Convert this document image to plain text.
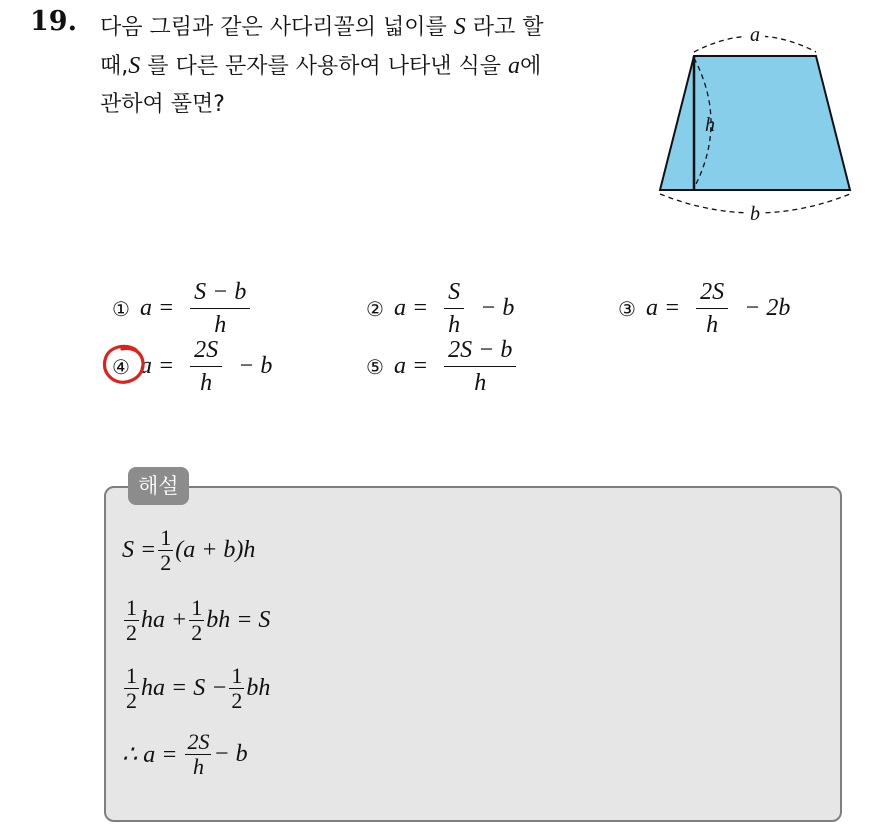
19. 다음 그림과 같은 사다리꼴의 넓이를 S 라고 할
때,S 를 다른 문자를 사용하여 나타낸 식을 a에
관하여 풀면?
a
h
b
① $a = \frac{S - b}{h}$	② $a = \frac{S}{h} - b$	③ $a = \frac{2S}{h} - 2b$
④ $a = \frac{2S}{h} - b$	⑤ $a = \frac{2S - b}{h}$
해설
$S = \frac{1}{2} (a + b)h$
$\frac{1}{2}$ ha + $\frac{1}{2}$ bh = S
$\frac{1}{2}$ ha = $S - \frac{1}{2}$ bh
∴ $a = \frac{2S}{h} - b$
